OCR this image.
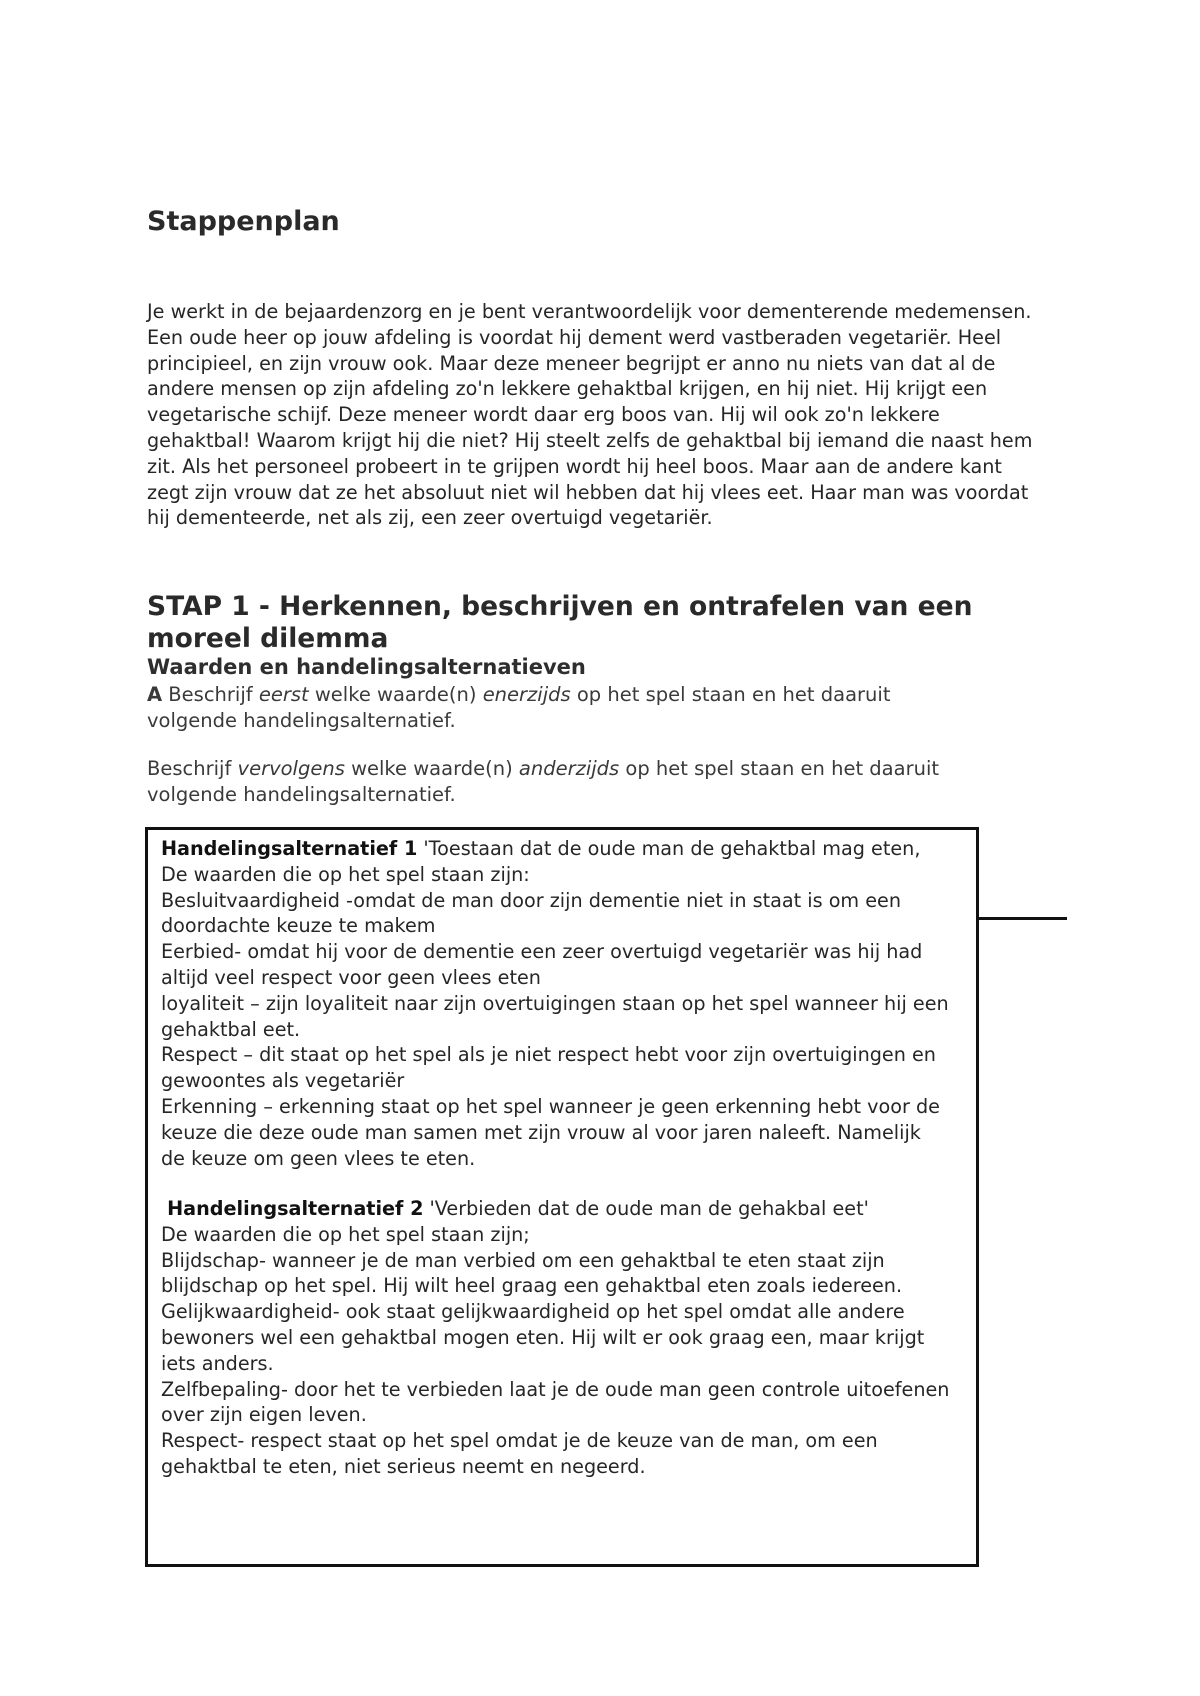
Stappenplan

Je werkt in de bejaardenzorg en je bent verantwoordelijk voor dementerende medemensen.
Een oude heer op jouw afdeling is voordat hij dement werd vastberaden vegetariër. Heel
principieel, en zijn vrouw ook. Maar deze meneer begrijpt er anno nu niets van dat al de
andere mensen op zijn afdeling zo'n lekkere gehaktbal krijgen, en hij niet. Hij krijgt een
vegetarische schijf. Deze meneer wordt daar erg boos van. Hij wil ook zo'n lekkere
gehaktbal! Waarom krijgt hij die niet? Hij steelt zelfs de gehaktbal bij iemand die naast hem
zit. Als het personeel probeert in te grijpen wordt hij heel boos. Maar aan de andere kant
zegt zijn vrouw dat ze het absoluut niet wil hebben dat hij vlees eet. Haar man was voordat
hij dementeerde, net als zij, een zeer overtuigd vegetariër.

STAP 1 - Herkennen, beschrijven en ontrafelen van een
moreel dilemma
Waarden en handelingsalternatieven

A Beschrijf eerst welke waarde(n) enerzijds op het spel staan en het daaruit
volgende handelingsalternatief.

Beschrijf vervolgens welke waarde(n) anderzijds op het spel staan en het daaruit
volgende handelingsalternatief.

Handelingsalternatief 1 'Toestaan dat de oude man de gehaktbal mag eten,
De waarden die op het spel staan zijn:
Besluitvaardigheid -omdat de man door zijn dementie niet in staat is om een
doordachte keuze te makem
Eerbied- omdat hij voor de dementie een zeer overtuigd vegetariër was hij had
altijd veel respect voor geen vlees eten
loyaliteit – zijn loyaliteit naar zijn overtuigingen staan op het spel wanneer hij een
gehaktbal eet.
Respect – dit staat op het spel als je niet respect hebt voor zijn overtuigingen en
gewoontes als vegetariër
Erkenning – erkenning staat op het spel wanneer je geen erkenning hebt voor de
keuze die deze oude man samen met zijn vrouw al voor jaren naleeft. Namelijk
de keuze om geen vlees te eten.
Handelingsalternatief 2 'Verbieden dat de oude man de gehakbal eet'
De waarden die op het spel staan zijn;
Blijdschap- wanneer je de man verbied om een gehaktbal te eten staat zijn
blijdschap op het spel. Hij wilt heel graag een gehaktbal eten zoals iedereen.
Gelijkwaardigheid- ook staat gelijkwaardigheid op het spel omdat alle andere
bewoners wel een gehaktbal mogen eten. Hij wilt er ook graag een, maar krijgt
iets anders.
Zelfbepaling- door het te verbieden laat je de oude man geen controle uitoefenen
over zijn eigen leven.
Respect- respect staat op het spel omdat je de keuze van de man, om een
gehaktbal te eten, niet serieus neemt en negeerd.
